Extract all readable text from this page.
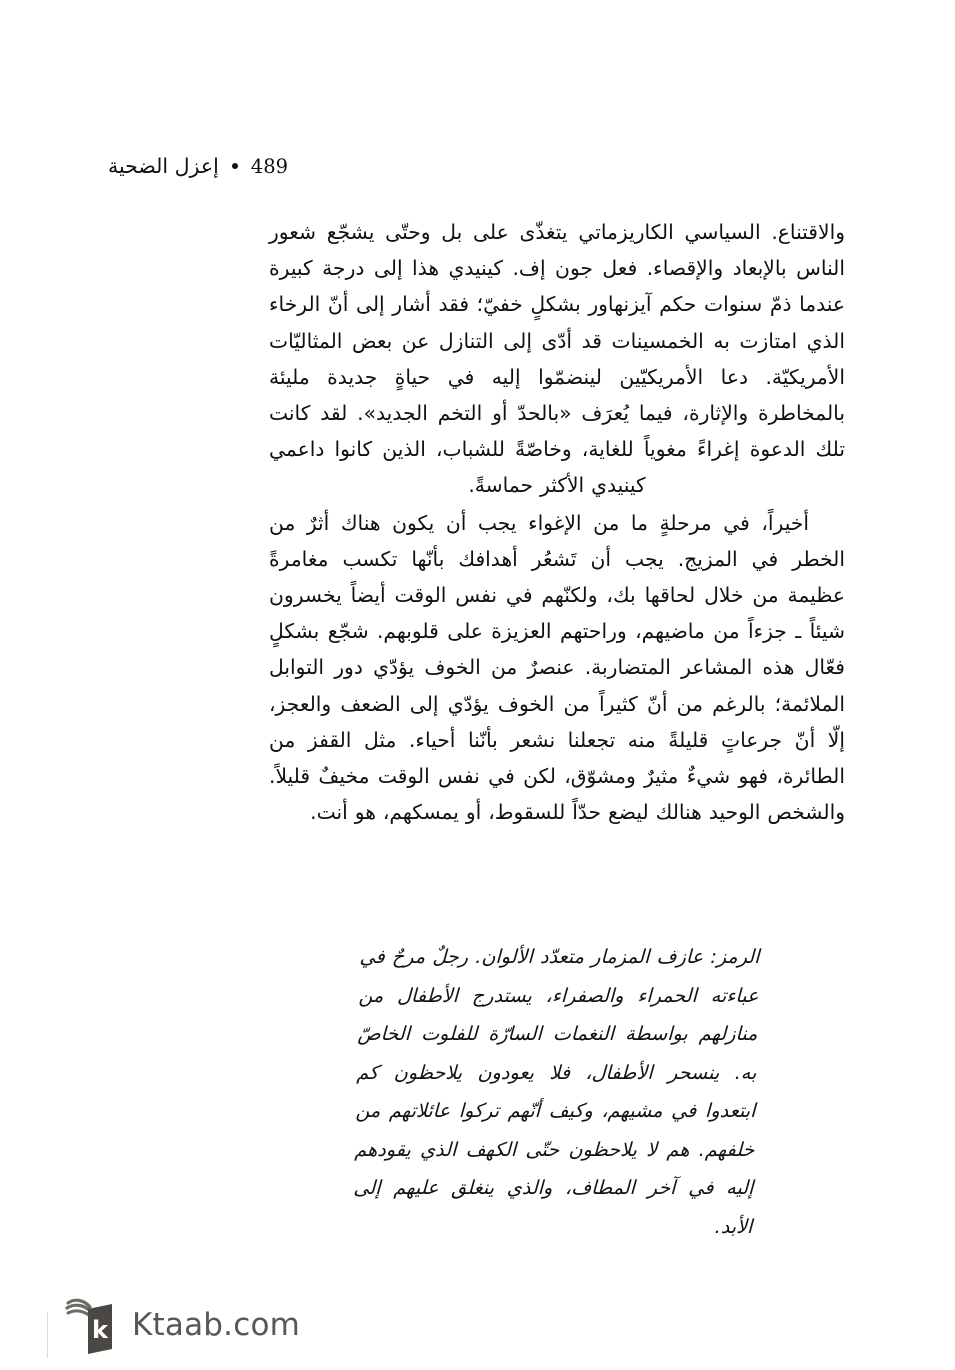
إعزل الضحية 489

والاقتناع. السياسي الكاريزماتي يتغذّى على بل وحتّى يشجّع شعور الناس بالإبعاد والإقصاء. فعل جون إف. كينيدي هذا إلى درجة كبيرة عندما ذمّ سنوات حكم آيزنهاور بشكلٍ خفيّ؛ فقد أشار إلى أنّ الرخاء الذي امتازت به الخمسينات قد أدّى إلى التنازل عن بعض المثاليّات الأمريكيّة. دعا الأمريكيّين لينضمّوا إليه في حياةٍ جديدة مليئة بالمخاطرة والإثارة، فيما يُعرَف «بالحدّ أو التخم الجديد». لقد كانت تلك الدعوة إغراءً مغوياً للغاية، وخاصّةً للشباب، الذين كانوا داعمي كينيدي الأكثر حماسةً.

أخيراً، في مرحلةٍ ما من الإغواء يجب أن يكون هناك أثرٌ من الخطر في المزيج. يجب أن تَشعُر أهدافك بأنّها تكسب مغامرةً عظيمة من خلال لحاقها بك، ولكنّهم في نفس الوقت أيضاً يخسرون شيئاً ـ جزءاً من ماضيهم، وراحتهم العزيزة على قلوبهم. شجّع بشكلٍ فعّال هذه المشاعر المتضاربة. عنصرٌ من الخوف يؤدّي دور التوابل الملائمة؛ بالرغم من أنّ كثيراً من الخوف يؤدّي إلى الضعف والعجز، إلّا أنّ جرعاتٍ قليلةً منه تجعلنا نشعر بأنّنا أحياء. مثل القفز من الطائرة، فهو شيءٌ مثيرٌ ومشوّق، لكن في نفس الوقت مخيفٌ قليلاً. والشخص الوحيد هنالك ليضع حدّاً للسقوط، أو يمسكهم، هو أنت.

الرمز: عازف المزمار متعدّد الألوان. رجلٌ مرحٌ في عباءته الحمراء والصفراء، يستدرج الأطفال من منازلهم بواسطة النغمات السارّة للفلوت الخاصّ به. ينسحر الأطفال، فلا يعودون يلاحظون كم ابتعدوا في مشيهم، وكيف أنّهم تركوا عائلاتهم من خلفهم. هم لا يلاحظون حتّى الكهف الذي يقودهم إليه في آخر المطاف، والذي ينغلق عليهم إلى الأبد.

k Ktaab.com
